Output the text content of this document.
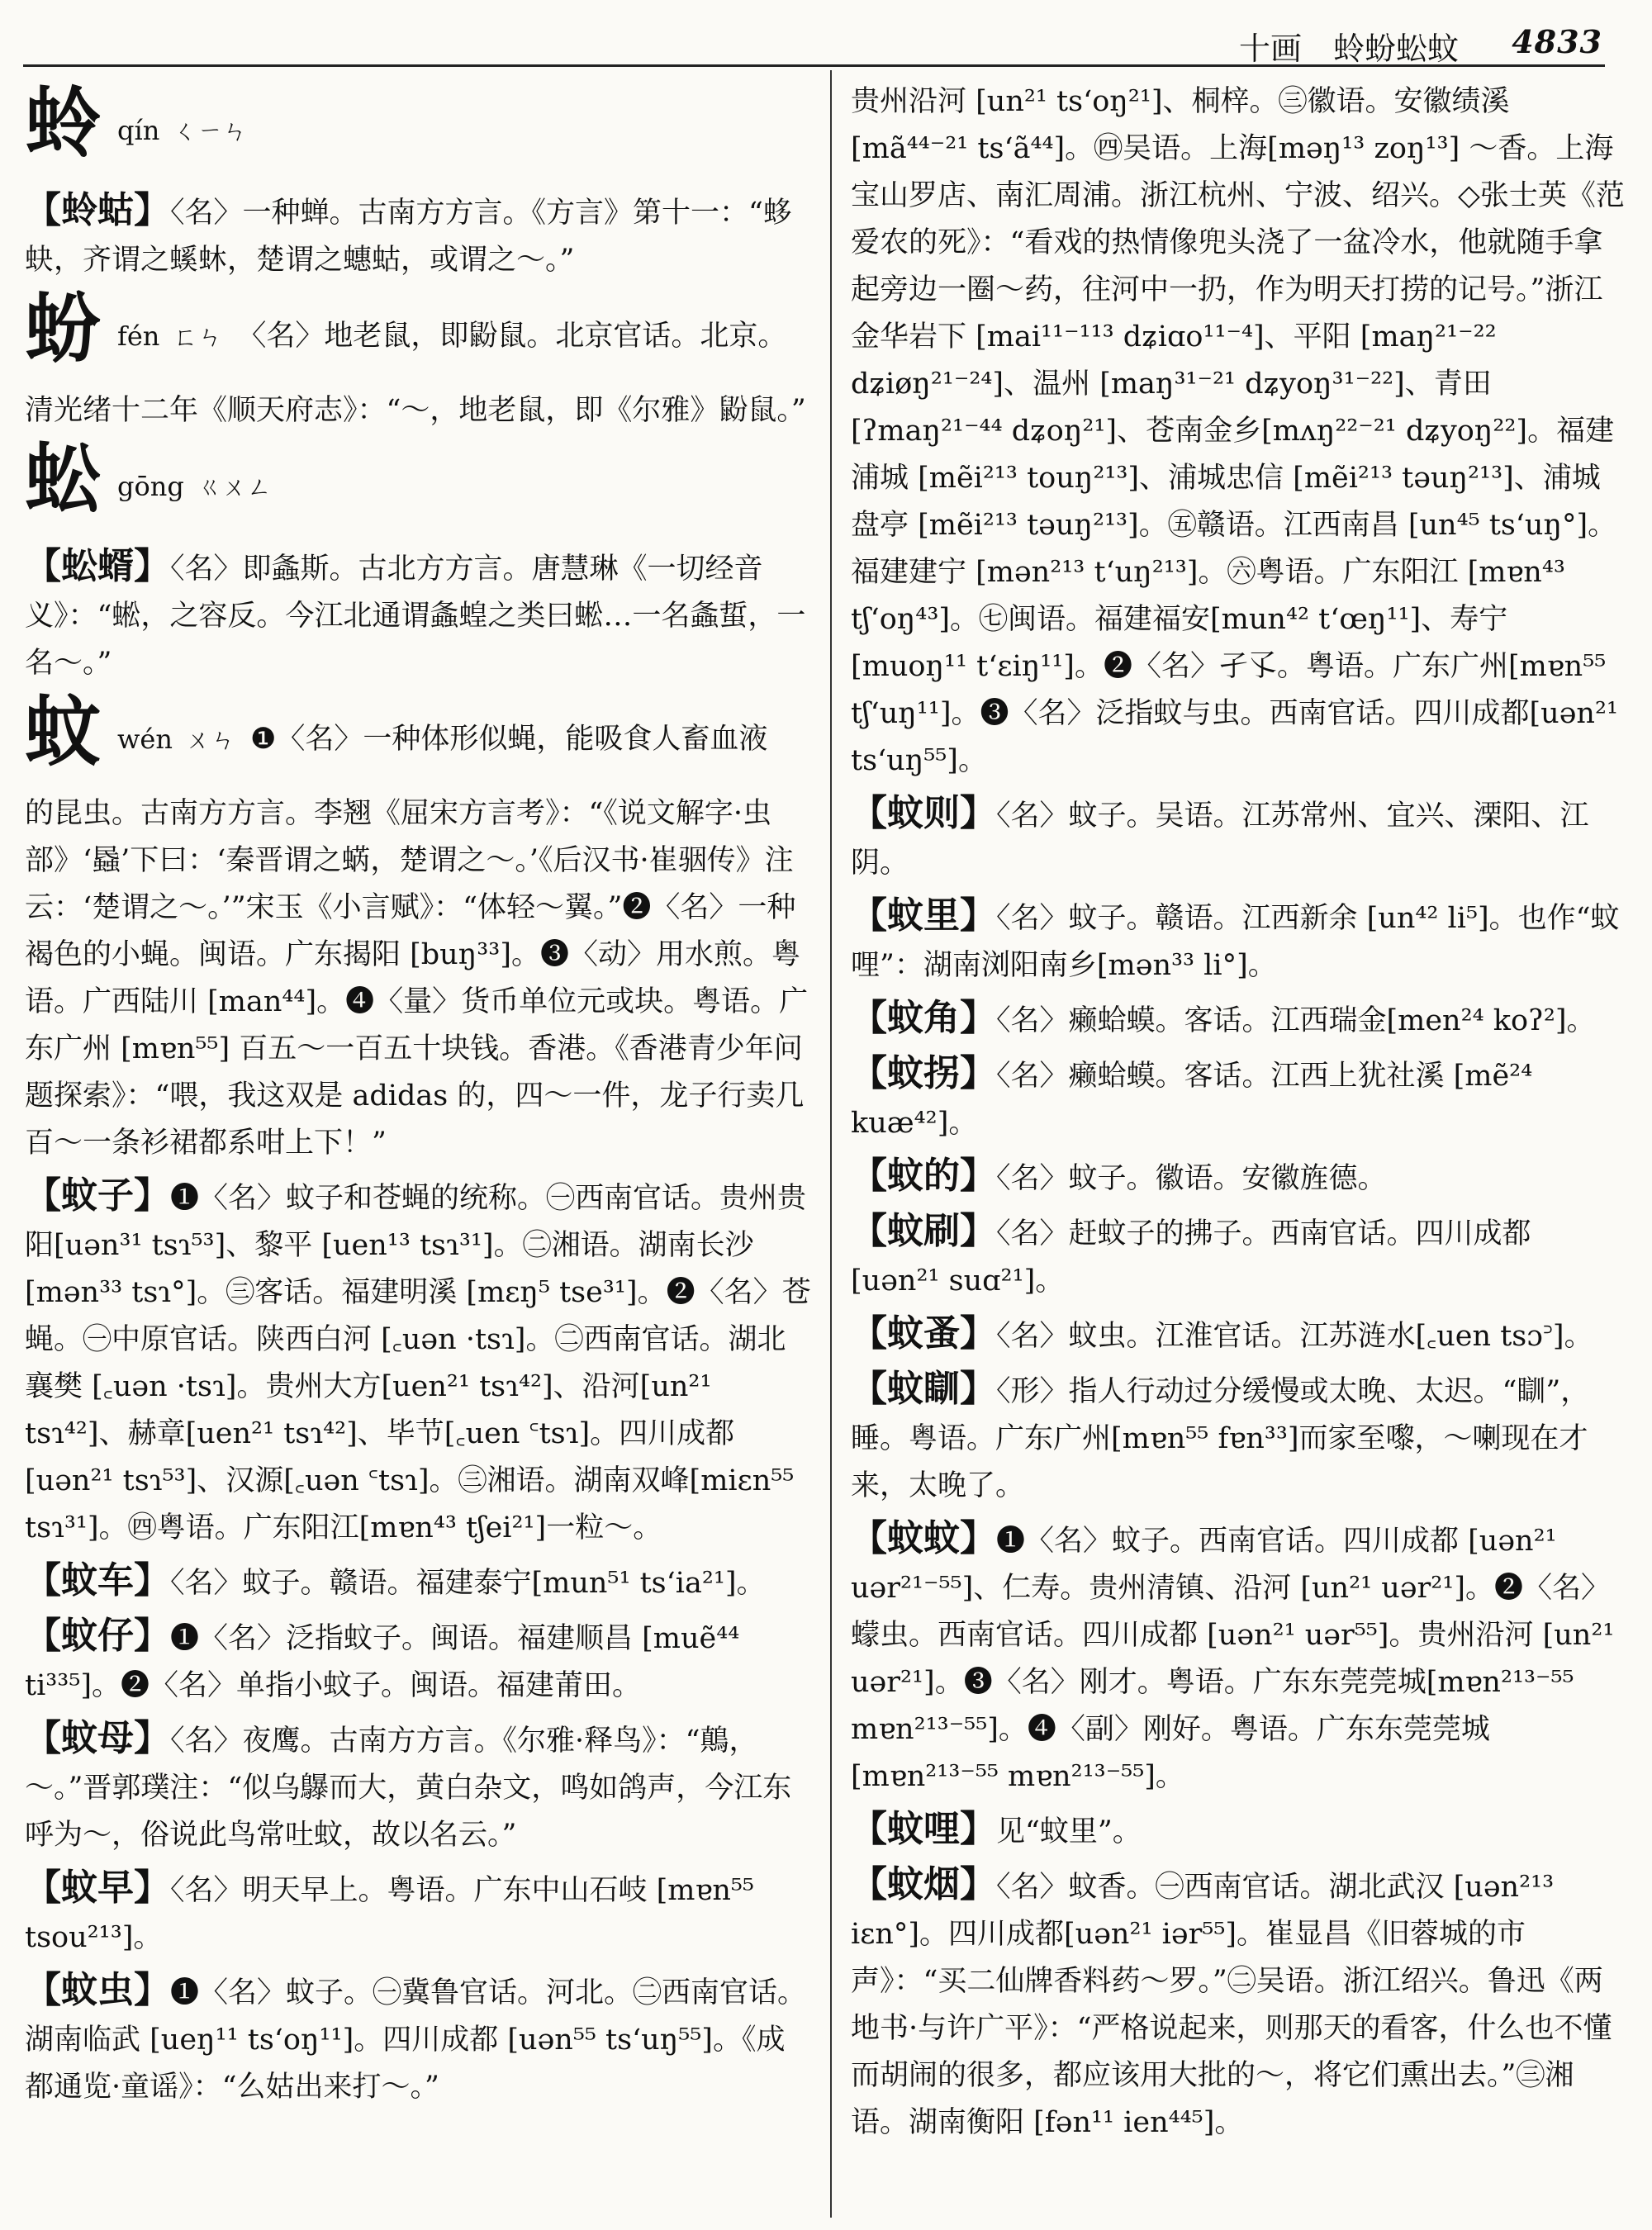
十画　蛉蚡蚣蚊 4833
蛉qín ㄑㄧㄣ

【蛉蛄】〈名〉一种蝉。古南方方言。《方言》第十一：“蛥蚗，齐谓之螇蚞，楚谓之蟪蛄，或谓之～。”

蚡fén ㄈㄣ 〈名〉地老鼠，即鼢鼠。北京官话。北京。

清光绪十二年《顺天府志》：“～，地老鼠，即《尔雅》鼢鼠。”

蚣gōng ㄍㄨㄥ

【蚣蝑】〈名〉即螽斯。古北方方言。唐慧琳《一切经音义》：“蜙，之容反。今江北通谓螽蝗之类曰蜙…一名螽蜇，一名～。”

蚊wén ㄨㄣ ❶〈名〉一种体形似蝇，能吸食人畜血液

的昆虫。古南方方言。李翘《屈宋方言考》：“《说文解字·虫部》‘蟁’下曰：‘秦晋谓之蜹，楚谓之～。’《后汉书·崔骃传》注云：‘楚谓之～。’”宋玉《小言赋》：“体轻～翼。”❷〈名〉一种褐色的小蝇。闽语。广东揭阳 [buŋ³³]。❸〈动〉用水煎。粤语。广西陆川 [man⁴⁴]。❹〈量〉货币单位元或块。粤语。广东广州 [mɐn⁵⁵] 百五～一百五十块钱。香港。《香港青少年问题探索》：“喂，我这双是 adidas 的，四～一件，龙子行卖几百～一条衫裙都系咁上下！”

【蚊子】❶〈名〉蚊子和苍蝇的统称。㊀西南官话。贵州贵阳[uən³¹ tsɿ⁵³]、黎平 [uen¹³ tsɿ³¹]。㊁湘语。湖南长沙[mən³³ tsɿ°]。㊂客话。福建明溪 [mɛŋ⁵ tse³¹]。❷〈名〉苍蝇。㊀中原官话。陕西白河 [꜀uən ·tsɿ]。㊁西南官话。湖北襄樊 [꜀uən ·tsɿ]。贵州大方[uen²¹ tsɿ⁴²]、沿河[un²¹ tsɿ⁴²]、赫章[uen²¹ tsɿ⁴²]、毕节[꜀uen ꜂tsɿ]。四川成都[uən²¹ tsɿ⁵³]、汉源[꜀uən ꜂tsɿ]。㊂湘语。湖南双峰[miɛn⁵⁵ tsɿ³¹]。㊃粤语。广东阳江[mɐn⁴³ tʃei²¹]一粒～。

【蚊车】〈名〉蚊子。赣语。福建泰宁[mun⁵¹ tsʻia²¹]。

【蚊仔】❶〈名〉泛指蚊子。闽语。福建顺昌 [muẽ⁴⁴ ti³³⁵]。❷〈名〉单指小蚊子。闽语。福建莆田。

【蚊母】〈名〉夜鹰。古南方方言。《尔雅·释鸟》：“鷏，～。”晋郭璞注：“似乌鸔而大，黄白杂文，鸣如鸽声，今江东呼为～，俗说此鸟常吐蚊，故以名云。”

【蚊早】〈名〉明天早上。粤语。广东中山石岐 [mɐn⁵⁵ tsou²¹³]。

【蚊虫】❶〈名〉蚊子。㊀冀鲁官话。河北。㊁西南官话。湖南临武 [ueŋ¹¹ tsʻoŋ¹¹]。四川成都 [uən⁵⁵ tsʻuŋ⁵⁵]。《成都通览·童谣》：“么姑出来打～。”

贵州沿河 [un²¹ tsʻoŋ²¹]、桐梓。㊂徽语。安徽绩溪 [mã⁴⁴⁻²¹ tsʻã⁴⁴]。㊃吴语。上海[məŋ¹³ zoŋ¹³] ～香。上海宝山罗店、南汇周浦。浙江杭州、宁波、绍兴。◇张士英《范爱农的死》：“看戏的热情像兜头浇了一盆冷水，他就随手拿起旁边一圈～药，往河中一扔，作为明天打捞的记号。”浙江金华岩下 [mai¹¹⁻¹¹³ dʑiɑo¹¹⁻⁴]、平阳 [maŋ²¹⁻²² dʑiøŋ²¹⁻²⁴]、温州 [maŋ³¹⁻²¹ dʑyoŋ³¹⁻²²]、青田 [ʔmaŋ²¹⁻⁴⁴ dʑoŋ²¹]、苍南金乡[mʌŋ²²⁻²¹ dʑyoŋ²²]。福建浦城 [mẽi²¹³ touŋ²¹³]、浦城忠信 [mẽi²¹³ təuŋ²¹³]、浦城盘亭 [mẽi²¹³ təuŋ²¹³]。㊄赣语。江西南昌 [un⁴⁵ tsʻuŋ°]。福建建宁 [mən²¹³ tʻuŋ²¹³]。㊅粤语。广东阳江 [mɐn⁴³ tʃʻoŋ⁴³]。㊆闽语。福建福安[mun⁴² tʻœŋ¹¹]、寿宁 [muoŋ¹¹ tʻɛiŋ¹¹]。❷〈名〉孑孓。粤语。广东广州[mɐn⁵⁵ tʃʻuŋ¹¹]。❸〈名〉泛指蚊与虫。西南官话。四川成都[uən²¹ tsʻuŋ⁵⁵]。

【蚊则】〈名〉蚊子。吴语。江苏常州、宜兴、溧阳、江阴。

【蚊里】〈名〉蚊子。赣语。江西新余 [un⁴² li⁵]。也作“蚊哩”：湖南浏阳南乡[mən³³ li°]。

【蚊角】〈名〉癞蛤蟆。客话。江西瑞金[men²⁴ koʔ²]。

【蚊拐】〈名〉癞蛤蟆。客话。江西上犹社溪 [mẽ²⁴ kuæ⁴²]。

【蚊的】〈名〉蚊子。徽语。安徽旌德。

【蚊刷】〈名〉赶蚊子的拂子。西南官话。四川成都 [uən²¹ suɑ²¹]。

【蚊蚤】〈名〉蚊虫。江淮官话。江苏涟水[꜀uen tsɔ꜄]。

【蚊瞓】〈形〉指人行动过分缓慢或太晚、太迟。“瞓”，睡。粤语。广东广州[mɐn⁵⁵ fɐn³³]而家至嚟，～喇现在才来，太晚了。

【蚊蚊】❶〈名〉蚊子。西南官话。四川成都 [uən²¹ uər²¹⁻⁵⁵]、仁寿。贵州清镇、沿河 [un²¹ uər²¹]。❷〈名〉蠓虫。西南官话。四川成都 [uən²¹ uər⁵⁵]。贵州沿河 [un²¹ uər²¹]。❸〈名〉刚才。粤语。广东东莞莞城[mɐn²¹³⁻⁵⁵ mɐn²¹³⁻⁵⁵]。❹〈副〉刚好。粤语。广东东莞莞城[mɐn²¹³⁻⁵⁵ mɐn²¹³⁻⁵⁵]。

【蚊哩】见“蚊里”。

【蚊烟】〈名〉蚊香。㊀西南官话。湖北武汉 [uən²¹³ iɛn°]。四川成都[uən²¹ iər⁵⁵]。崔显昌《旧蓉城的市声》：“买二仙牌香料药～罗。”㊁吴语。浙江绍兴。鲁迅《两地书·与许广平》：“严格说起来，则那天的看客，什么也不懂而胡闹的很多，都应该用大批的～，将它们熏出去。”㊂湘语。湖南衡阳 [fən¹¹ ien⁴⁴⁵]。
